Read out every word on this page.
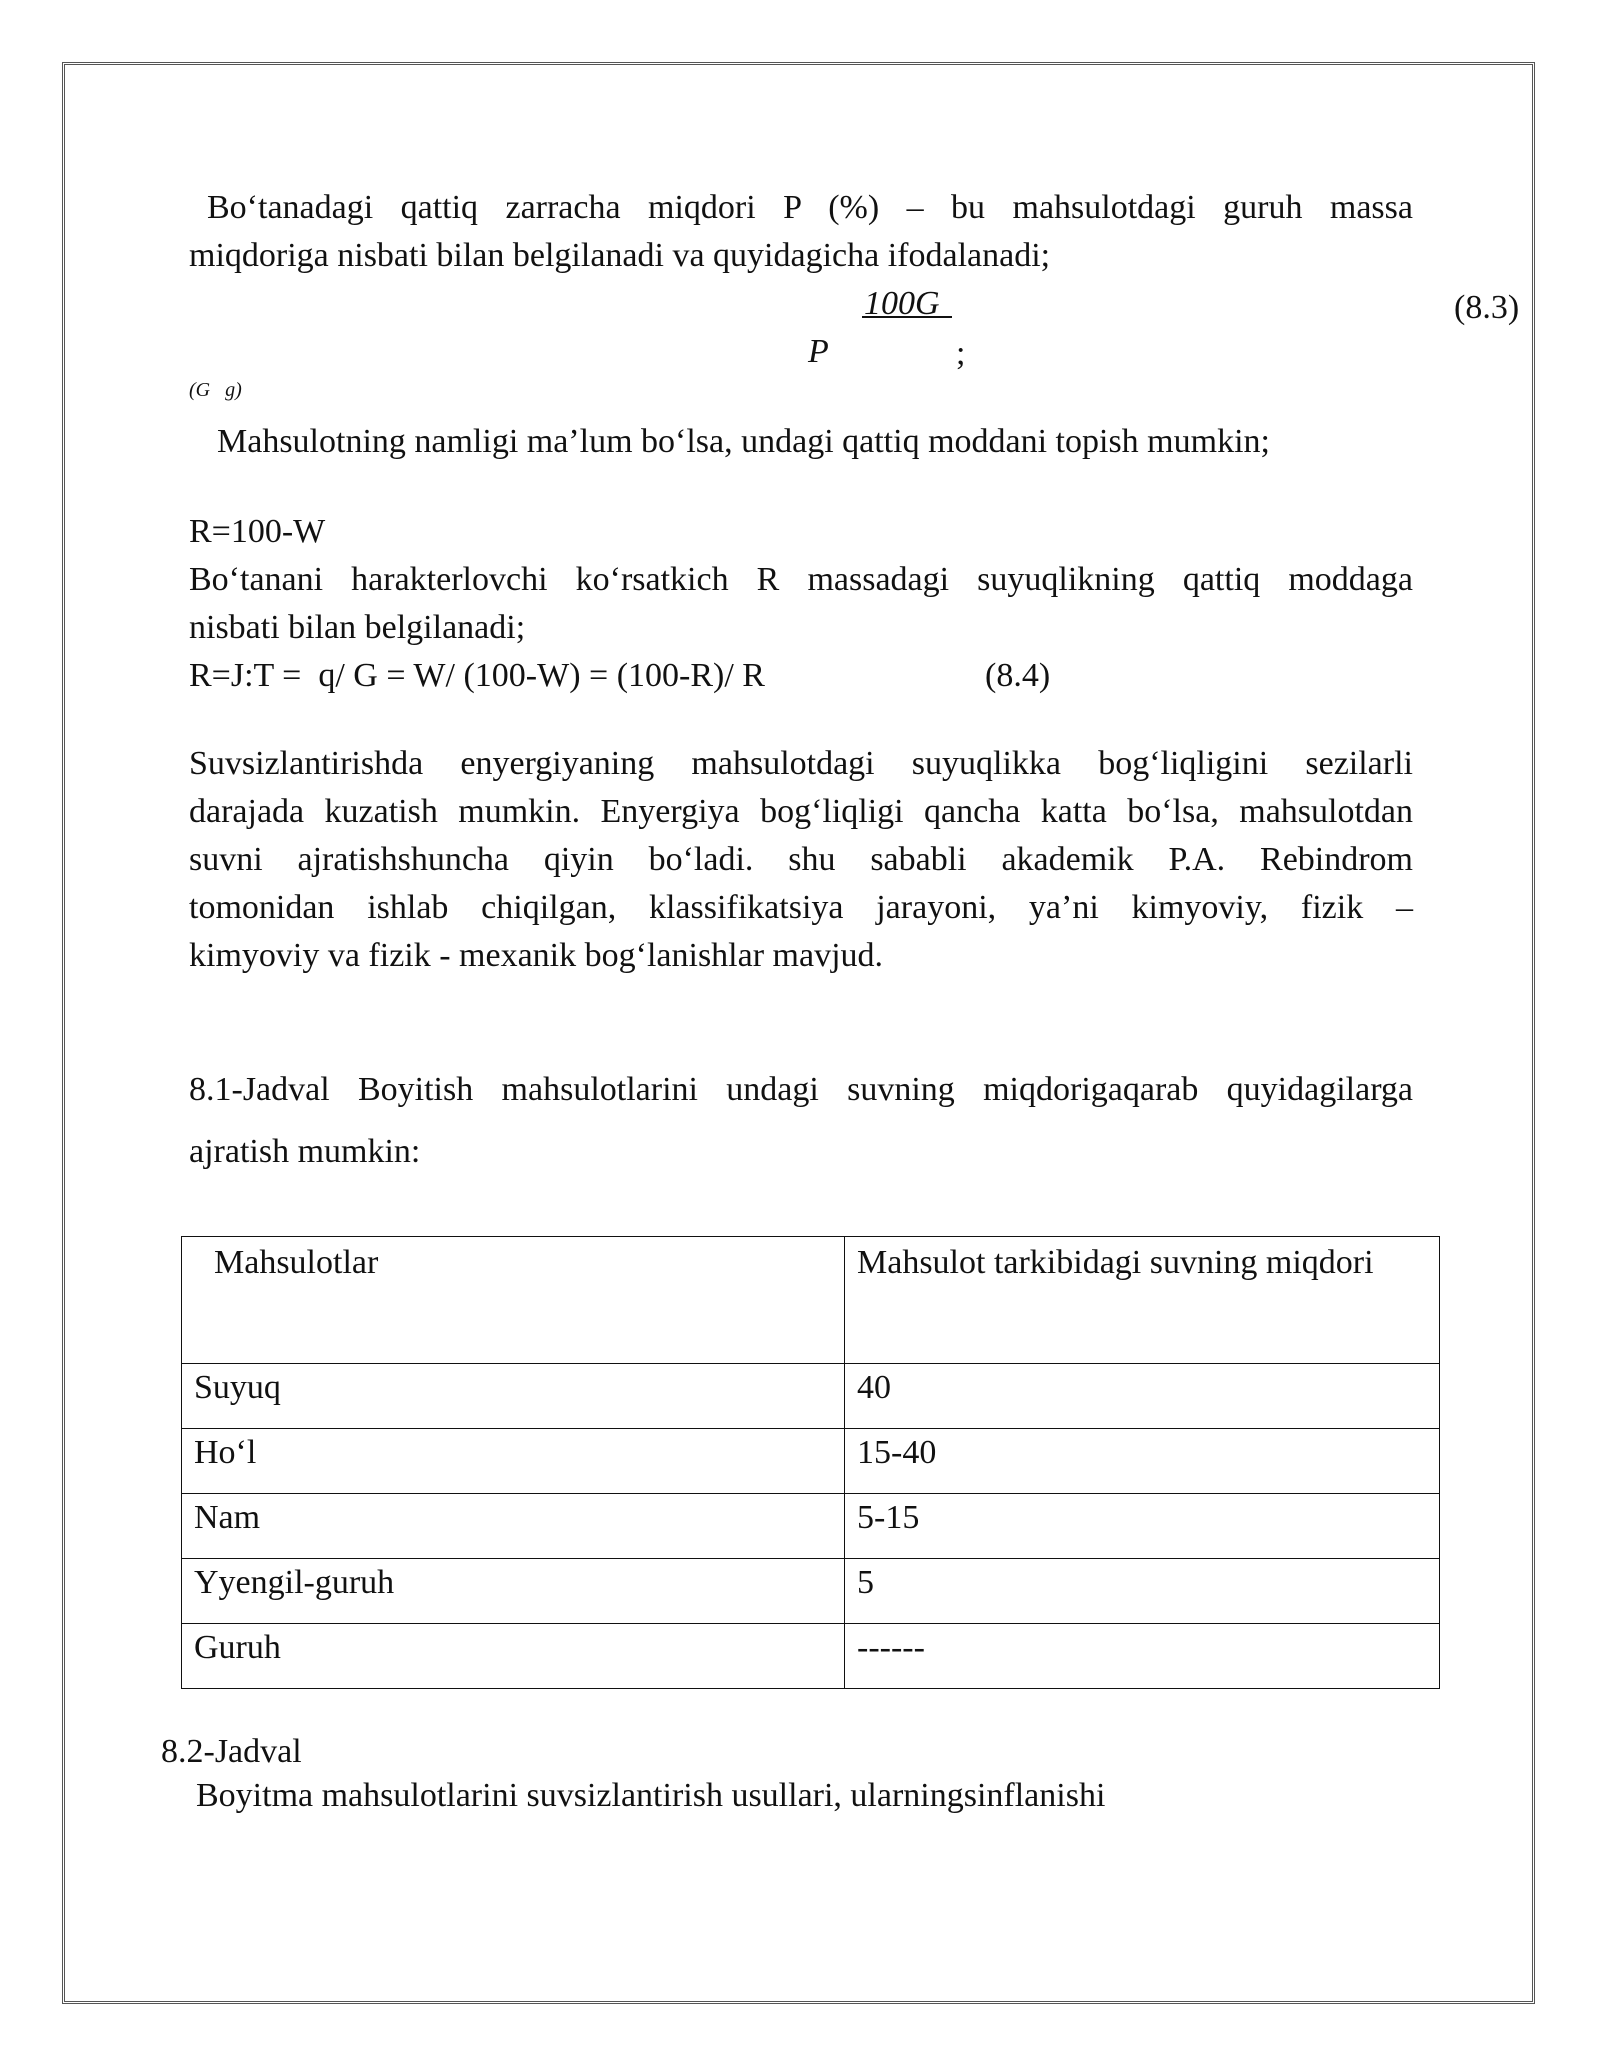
Bo‘tanadagi qattiq zarracha miqdori P (%) – bu mahsulotdagi guruh massa
miqdoriga nisbati bilan belgilanadi va quyidagicha ifodalanadi;
100G	(8.3)
P	;
(G   g)
Mahsulotning namligi ma’lum bo‘lsa, undagi qattiq moddani topish mumkin;
R=100-W
Bo‘tanani harakterlovchi ko‘rsatkich R massadagi suyuqlikning qattiq moddaga
nisbati bilan belgilanadi;
R=J:T =  q/ G = W/ (100-W) = (100-R)/ R	(8.4)
Suvsizlantirishda enyergiyaning mahsulotdagi suyuqlikka bog‘liqligini sezilarli
darajada kuzatish mumkin. Enyergiya bog‘liqligi qancha katta bo‘lsa, mahsulotdan
suvni ajratishshuncha qiyin bo‘ladi. shu sababli akademik P.A. Rebindrom
tomonidan ishlab chiqilgan, klassifikatsiya jarayoni, ya’ni kimyoviy, fizik –
kimyoviy va fizik - mexanik bog‘lanishlar mavjud.
8.1-Jadval Boyitish mahsulotlarini undagi suvning miqdorigaqarab quyidagilarga
ajratish mumkin:
Mahsulotlar	Mahsulot tarkibidagi suvning miqdori
Suyuq	40
Ho‘l	15-40
Nam	5-15
Yyengil-guruh	5
Guruh	------
8.2-Jadval
Boyitma mahsulotlarini suvsizlantirish usullari, ularningsinflanishi
